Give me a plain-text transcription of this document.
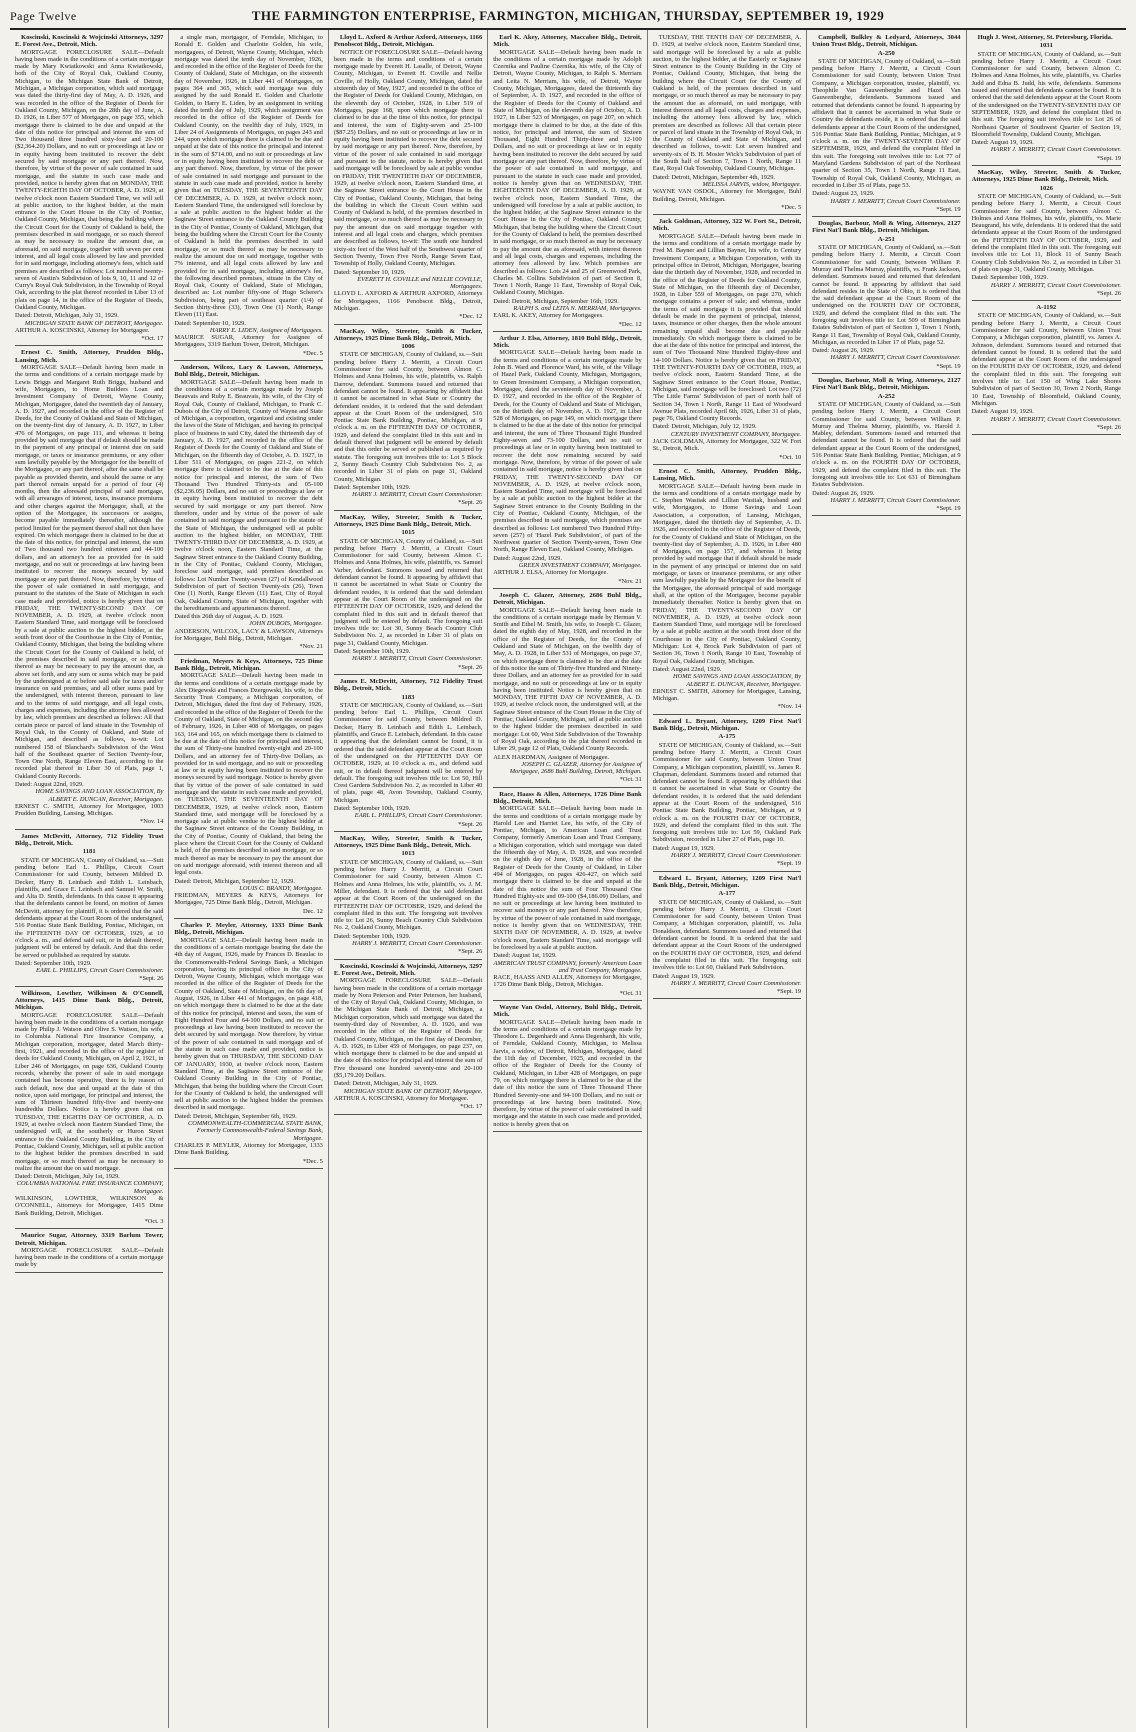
Page Twelve	THE FARMINGTON ENTERPRISE, FARMINGTON, MICHIGAN, THURSDAY, SEPTEMBER 19, 1929
Koscinski, Koscinski & Wojcinski Attorneys, 3297 E. Forest Ave., Detroit, Mich.
MORTGAGE FORECLOSURE SALE—Default having been made in the conditions of a certain mortgage made by Mary Kwiatkowski and Anna Kwiatkowski, both of the City of Royal Oak, Oakland County, Michigan, to the Michigan State Bank of Detroit, Michigan, a Michigan corporation, which said mortgage was dated the thirty-first day of May, A. D. 1926, and was recorded in the office of the Register of Deeds for Oakland County, Michigan, on the 28th day of June, A. D. 1926, in Liber 577 of Mortgages, on page 355, which mortgage there is claimed to be due and unpaid at the date of this notice for principal and interest the sum of Two thousand three hundred sixty-four and 20-100 ($2,364.20) Dollars, and no suit or proceedings at law or in equity having been instituted to recover the debt secured by said mortgage or any part thereof. Now, therefore, by virtue of the power of sale contained in said mortgage, and the statute in such case made and provided, notice is hereby given that on MONDAY, THE TWENTY-EIGHTH DAY OF OCTOBER, A. D. 1929, at twelve o'clock noon Eastern Standard Time, we will sell at public auction, to the highest bidder, at the main entrance to the Court House in the City of Pontiac, Oakland County, Michigan, that being the building where the Circuit Court for the County of Oakland is held, the premises described in said mortgage, or so much thereof as may be necessary to realize the amount due, as aforesaid, on said mortgage, together with seven per cent interest, and all legal costs allowed by law and provided for in said mortgage, including attorney's fees, which said premises are described as follows: Lot numbered twenty-seven of Austin's Subdivision of lots 9, 10, 11 and 12 of Curry's Royal Oak Subdivision, in the Township of Royal Oak, according to the plat thereof recorded in Liber 13 of plats on page 14, in the office of the Register of Deeds, Oakland County, Michigan.
Dated: Detroit, Michigan, July 31, 1929.
MICHIGAN STATE BANK OF DETROIT, Mortgagee.
ARTHUR A. KOSCINSKI, Attorney for Mortgagee.
*Oct. 17
Ernest C. Smith, Attorney, Prudden Bldg., Lansing, Mich.
MORTGAGE SALE—Default having been made in the terms and conditions of a certain mortgage made by Lewis Briggs and Margaret Ruth Briggs, husband and wife, Mortgagors, to Home Builders Loan and Investment Company of Detroit, Wayne County, Michigan, Mortgagee, dated the twentieth day of January, A. D. 1927, and recorded in the office of the Register of Deeds, for the County of Oakland and State of Michigan, on the twenty-first day of January, A. D. 1927, in Liber 476 of Mortgages, on page 111, and whereas it being provided by said mortgage that if default should be made in the payment of any principal or interest due on said mortgage, or taxes or insurance premiums, or any other sum lawfully payable by the Mortgagor for the benefit of the Mortgagee, or any part thereof, after the same shall be payable as provided therein, and should the same or any part thereof remain unpaid for a period of four (4) months, then the aforesaid principal of said mortgage, with all arrearages of interest, taxes, insurance premiums and other charges against the Mortgagor, shall, at the option of the Mortgagee, its successors or assigns, become payable immediately thereafter, although the period limited for the payment thereof shall not then have expired. On which mortgage there is claimed to be due at the date of this notice, for principal and interest, the sum of Two thousand two hundred nineteen and 44-100 dollars, and an attorney's fee as provided for in said mortgage, and no suit or proceedings at law having been instituted to recover the moneys secured by said mortgage or any part thereof. Now, therefore, by virtue of the power of sale contained in said mortgage, and pursuant to the statutes of the State of Michigan in such case made and provided, notice is hereby given that on FRIDAY, THE TWENTY-SECOND DAY OF NOVEMBER, A. D. 1929, at twelve o'clock noon Eastern Standard Time, said mortgage will be foreclosed by a sale at public auction to the highest bidder, at the south front door of the Courthouse in the City of Pontiac, Oakland County, Michigan, that being the building where the Circuit Court for the County of Oakland is held, of the premises described in said mortgage, or so much thereof as may be necessary to pay the amount due, as above set forth, and any sum or sums which may be paid by the undersigned at or before said sale for taxes and/or insurance on said premises, and all other sums paid by the undersigned, with interest thereon, pursuant to law and to the terms of said mortgage, and all legal costs, charges and expenses, including the attorney fees allowed by law, which premises are described as follows: All that certain piece or parcel of land situate in the Township of Royal Oak, in the County of Oakland, and State of Michigan, and described as follows, to-wit: Lot numbered 158 of Blanchard's Subdivision of the West half of the Southeast quarter of Section Twenty-four, Town One North, Range Eleven East, according to the recorded plat thereof in Liber 30 of Plats, page 1, Oakland County Records.
Dated: August 22nd, 1929.
HOME SAVINGS AND LOAN ASSOCIATION, By ALBERT E. DUNCAN, Receiver, Mortgagee.
ERNEST C. SMITH, Attorney for Mortgagee, 1003 Prudden Building, Lansing, Michigan.
*Nov. 14
James McDevitt, Attorney, 712 Fidelity Trust Bldg., Detroit, Mich.
1181
STATE OF MICHIGAN, County of Oakland, ss.—Suit pending before Earl L. Phillips, Circuit Court Commissioner for said County, between Mildred D. Decker, Harry B. Leinbach and Edith L. Leinbach, plaintiffs, and Grace E. Leinbach and Samuel W. Smith, and Alta D. Smith, defendants. In this cause it appearing that the defendants cannot be found, on motion of James McDevitt, attorney for plaintiff, it is ordered that the said defendants appear at the Court Room of the undersigned, 516 Pontiac State Bank Building, Pontiac, Michigan, on the FIFTEENTH DAY OF OCTOBER, 1929, at 10 o'clock a. m., and defend said suit, or in default thereof, judgment will be entered by default. And that this order be served or published as required by statute.
Dated: September 10th, 1929.
EARL L. PHILLIPS, Circuit Court Commissioner.
*Sept. 26
Wilkinson, Lowther, Wilkinson & O'Connell, Attorneys, 1415 Dime Bank Bldg., Detroit, Michigan.
MORTGAGE FORECLOSURE SALE—Default having been made in the conditions of a certain mortgage made by Philip J. Watson and Olive S. Watson, his wife, to Columbia National Fire Insurance Company, a Michigan corporation, mortgagee, dated March thirty-first, 1921, and recorded in the office of the register of deeds for Oakland County, Michigan, on April 2, 1921, in Liber 246 of Mortgages, on page 636, Oakland County records, whereby the power of sale in said mortgage contained has become operative, there is by reason of such default, now due and unpaid at the date of this notice, upon said mortgage, for principal and interest, the sum of Thirteen hundred fifty-five and twenty-one hundredths Dollars. Notice is hereby given that on TUESDAY, THE EIGHTH DAY OF OCTOBER, A. D. 1929, at twelve o'clock noon Eastern Standard Time, the undersigned will, at the southerly or Huron Street entrance to the Oakland County Building, in the City of Pontiac, Oakland County, Michigan, sell at public auction to the highest bidder the premises described in said mortgage, or so much thereof as may be necessary to realize the amount due on said mortgage.
Dated: Detroit, Michigan, July 1st, 1929.
COLUMBIA NATIONAL FIRE INSURANCE COMPANY, Mortgagee.
WILKINSON, LOWTHER, WILKINSON & O'CONNELL, Attorneys for Mortgagee, 1415 Dime Bank Building, Detroit, Michigan.
*Oct. 3
Maurice Sugar, Attorney, 3319 Barlum Tower, Detroit, Michigan.
MORTGAGE FORECLOSURE SALE—Default having been made in the conditions of a certain mortgage made by
a single man, mortgagor, of Ferndale, Michigan, to Ronald E. Golden and Charlotte Golden, his wife, mortgagees, of Detroit, Wayne County, Michigan, which mortgage was dated the tenth day of November, 1926, and recorded in the office of the Register of Deeds for the County of Oakland, State of Michigan, on the sixteenth day of November, 1926, in Liber 441 of Mortgages, on pages 364 and 365, which said mortgage was duly assigned by the said Ronald E. Golden and Charlotte Golden, to Harry E. Liden, by an assignment in writing dated the tenth day of July, 1929, which assignment was recorded in the office of the Register of Deeds for Oakland County, on the twelfth day of July, 1929, in Liber 24 of Assignments of Mortgages, on pages 243 and 244, upon which mortgage there is claimed to be due and unpaid at the date of this notice the principal and interest in the sum of $714.00, and no suit or proceedings at law or in equity having been instituted to recover the debt or any part thereof. Now, therefore, by virtue of the power of sale contained in said mortgage and pursuant to the statute in such case made and provided, notice is hereby given that on TUESDAY, THE SEVENTEENTH DAY OF DECEMBER, A. D. 1929, at twelve o'clock noon, Eastern Standard Time, the undersigned will foreclose by a sale at public auction to the highest bidder at the Saginaw Street entrance to the Oakland County Building in the City of Pontiac, County of Oakland, Michigan, that being the building where the Circuit Court for the County of Oakland is held the premises described in said mortgage, or so much thereof as may be necessary to realize the amount due on said mortgage, together with 7% interest, and all legal costs allowed by law and provided for in said mortgage, including attorney's fee, the following described premises, situate in the City of Royal Oak, County of Oakland, State of Michigan, described as: Lot number fifty-one of Hugo Scherer's Subdivision, being part of southeast quarter (1/4) of Section thirty-three (33), Town One (1) North, Range Eleven (11) East.
Dated: September 10, 1929.
HARRY E. LIDEN, Assignee of Mortgagees.
MAURICE SUGAR, Attorney for Assignee of Mortgagees, 3319 Barlum Tower, Detroit, Michigan.
*Dec. 5
Anderson, Wilcox, Lacy & Lawson, Attorneys, Buhl Bldg., Detroit, Michigan.
MORTGAGE SALE—Default having been made in the conditions of a certain mortgage made by Joseph Beauvais and Ruby E. Beauvais, his wife, of the City of Royal Oak, County of Oakland, Michigan, to Frank C. Dubois of the City of Detroit, County of Wayne and State of Michigan, a corporation, organized and existing under the laws of the State of Michigan, and having its principal place of business in said City, dated the thirteenth day of January, A. D. 1927, and recorded in the office of the Register of Deeds for the County of Oakland and State of Michigan, on the fifteenth day of October, A. D. 1927, in Liber 511 of Mortgages, on pages 221-2, on which mortgage there is claimed to be due at the date of this notice for principal and interest, the sum of Two Thousand Two Hundred Thirty-six and 05-100 ($2,236.05) Dollars, and no suit or proceedings at law or in equity having been instituted to recover the debt secured by said mortgage or any part thereof. Now therefore, under and by virtue of the power of sale contained in said mortgage and pursuant to the statute of the State of Michigan, the undersigned will at public auction to the highest bidder, on MONDAY, THE TWENTY-THIRD DAY OF DECEMBER, A. D. 1929, at twelve o'clock noon, Eastern Standard Time, at the Saginaw Street entrance to the Oakland County Building, in the City of Pontiac, Oakland County, Michigan, foreclose said mortgage, said premises described as follows: Lot Number Twenty-seven (27) of Kendallwood Subdivision of part of Section Twenty-six (26), Town One (1) North, Range Eleven (11) East, City of Royal Oak, Oakland County, State of Michigan, together with the hereditaments and appurtenances thereof.
Dated this 26th day of August, A. D. 1929.
JOHN DUBOIS, Mortgagee.
ANDERSON, WILCOX, LACY & LAWSON, Attorneys for Mortgagee, Buhl Bldg., Detroit, Michigan.
*Nov. 21
Friedman, Meyers & Keys, Attorneys, 725 Dime Bank Bldg., Detroit, Michigan.
MORTGAGE SALE—Default having been made in the terms and conditions of a certain mortgage made by Alex Diegewski and Frances Dzergowski, his wife, to the Security Trust Company, a Michigan corporation, of Detroit, Michigan, dated the first day of February, 1926, and recorded in the office of the Register of Deeds for the County of Oakland, State of Michigan, on the second day of February, 1926, in Liber 408 of Mortgages, on pages 163, 164 and 165, on which mortgage there is claimed to be due at the date of this notice for principal and interest, the sum of Thirty-one hundred twenty-eight and 20-100 Dollars, and an attorney fee of Thirty-five Dollars, as provided for in said mortgage, and no suit or proceeding at law or in equity having been instituted to recover the moneys secured by said mortgage. Notice is hereby given that by virtue of the power of sale contained in said mortgage and the statute in such case made and provided, on TUESDAY, THE SEVENTEENTH DAY OF DECEMBER, 1929, at twelve o'clock noon, Eastern Standard time, said mortgage will be foreclosed by a mortgage sale at public vendue to the highest bidder at the Saginaw Street entrance of the County Building, in the City of Pontiac, County of Oakland, that being the place where the Circuit Court for the County of Oakland is held, of the premises described in said mortgage, or so much thereof as may be necessary to pay the amount due on said mortgage aforesaid, with interest thereon and all legal costs.
Dated: Detroit, Michigan, September 12, 1929.
LOUIS C. BRANDY, Mortgagee.
FRIEDMAN, MEYERS & KEYS, Attorneys for Mortgagee, 725 Dime Bank Bldg., Detroit, Michigan.
Dec. 12
Charles P. Meyler, Attorney, 1333 Dime Bank Bldg., Detroit, Michigan.
MORTGAGE SALE—Default having been made in the conditions of a certain mortgage bearing the date the 4th day of August, 1926, made by Frances D. Beaulac to the Commonwealth-Federal Savings Bank, a Michigan corporation, having its principal office in the City of Detroit, Wayne County, Michigan, which mortgage was recorded in the office of the Register of Deeds for the County of Oakland, State of Michigan, on the 6th day of August, 1926, in Liber 441 of Mortgages, on page 418, on which mortgage there is claimed to be due at the date of this notice for principal, interest and taxes, the sum of Eight Hundred Four and 64-100 Dollars, and no suit or proceedings at law having been instituted to recover the debt secured by said mortgage. Now therefore, by virtue of the power of sale contained in said mortgage and of the statute in such case made and provided, notice is hereby given that on THURSDAY, THE SECOND DAY OF JANUARY, 1930, at twelve o'clock noon, Eastern Standard Time, at the Saginaw Street entrance of the Oakland County Building in the City of Pontiac, Michigan, that being the building where the Circuit Court for the County of Oakland is held, the undersigned will sell at public auction to the highest bidder the premises described in said mortgage.
Dated: Detroit, Michigan, September 6th, 1929.
COMMONWEALTH-COMMERCIAL STATE BANK, Formerly Commonwealth-Federal Savings Bank, Mortgagee.
CHARLES P. MEYLER, Attorney for Mortgagee, 1333 Dime Bank Building.
*Dec. 5
Lloyd L. Axford & Arthur Axford, Attorneys, 1166 Penobscot Bldg., Detroit, Michigan.
NOTICE OF FORECLOSURE SALE—Default having been made in the terms and conditions of a certain mortgage made by Everett H. Lasalle, of Detroit, Wayne County, Michigan, to Everett H. Coville and Nellie Coville, of Holly, Oakland County, Michigan, dated the sixteenth day of May, 1927, and recorded in the office of the Register of Deeds for Oakland County, Michigan, on the eleventh day of October, 1928, in Liber 519 of Mortgages, page 168, upon which mortgage there is claimed to be due at the time of this notice, for principal and interest, the sum of Eighty-seven and 25-100 ($87.25) Dollars, and no suit or proceedings at law or in equity having been instituted to recover the debt secured by said mortgage or any part thereof. Now, therefore, by virtue of the power of sale contained in said mortgage and pursuant to the statute, notice is hereby given that said mortgage will be foreclosed by sale at public vendue on FRIDAY, THE TWENTIETH DAY OF DECEMBER, 1929, at twelve o'clock noon, Eastern Standard time, at the Saginaw Street entrance to the Court House in the City of Pontiac, Oakland County, Michigan, that being the building in which the Circuit Court within said County of Oakland is held, of the premises described in said mortgage, or so much thereof as may be necessary to pay the amount due on said mortgage together with interest and all legal costs and charges, which premises are described as follows, to-wit: The south one hundred sixty-six feet of the West half of the Southwest quarter of Section Twenty, Town Five North, Range Seven East, Township of Holly, Oakland County, Michigan.
Dated: September 10, 1929.
EVERETT H. COVILLE and NELLIE COVILLE, Mortgagees.
LLOYD L. AXFORD & ARTHUR AXFORD, Attorneys for Mortgagees, 1166 Penobscot Bldg., Detroit, Michigan.
*Dec. 12
MacKay, Wiley, Streeter, Smith & Tucker, Attorneys, 1925 Dime Bank Bldg., Detroit, Mich.
1006
STATE OF MICHIGAN, County of Oakland, ss.—Suit pending before Harry J. Merritt, a Circuit Court Commissioner for said County, between Almon C. Holmes and Anna Holmes, his wife, plaintiffs, vs. Ralph Darrow, defendant. Summons issued and returned that defendant cannot be found. It appearing by affidavit that it cannot be ascertained in what State or Country the defendant resides, it is ordered that the said defendant appear at the Court Room of the undersigned, 516 Pontiac State Bank Building, Pontiac, Michigan, at 9 o'clock a. m. on the FIFTEENTH DAY OF OCTOBER, 1929, and defend the complaint filed in this suit and in default thereof that judgment will be entered by default and that this order be served or published as required by statute. The foregoing suit involves title to: Lot 5 Block 2, Sunny Beach Country Club Subdivision No. 2, as recorded in Liber 31 of plats on page 31, Oakland County, Michigan.
Dated: September 10th, 1929.
HARRY J. MERRITT, Circuit Court Commissioner.
*Sept. 26
MacKay, Wiley, Streeter, Smith & Tucker, Attorneys, 1925 Dime Bank Bldg., Detroit, Mich.
1015
STATE OF MICHIGAN, County of Oakland, ss.—Suit pending before Harry J. Merritt, a Circuit Court Commissioner for said County, between Almon C. Holmes and Anna Holmes, his wife, plaintiffs, vs. Samuel Varber, defendant. Summons issued and returned that defendant cannot be found. It appearing by affidavit that it cannot be ascertained in what State or Country the defendant resides, it is ordered that the said defendant appear at the Court Room of the undersigned on the FIFTEENTH DAY OF OCTOBER, 1929, and defend the complaint filed in this suit and in default thereof that judgment will be entered by default. The foregoing suit involves title to: Lot 30, Sunny Beach Country Club Subdivision No. 2, as recorded in Liber 31 of plats on page 31, Oakland County, Michigan.
Dated: September 10th, 1929.
HARRY J. MERRITT, Circuit Court Commissioner.
*Sept. 26
James E. McDevitt, Attorney, 712 Fidelity Trust Bldg., Detroit, Mich.
1183
STATE OF MICHIGAN, County of Oakland, ss.—Suit pending before Earl L. Phillips, Circuit Court Commissioner for said County, between Mildred D. Decker, Harry B. Leinbach and Edith L. Leinbach, plaintiffs, and Grace E. Leinbach, defendant. In this cause it appearing that the defendant cannot be found, it is ordered that the said defendant appear at the Court Room of the undersigned on the FIFTEENTH DAY OF OCTOBER, 1929, at 10 o'clock a. m., and defend said suit, or in default thereof judgment will be entered by default. The foregoing suit involves title to: Lot 50, Hill Crest Gardens Subdivision No. 2, as recorded in Liber 40 of plats, page 48, Avon Township, Oakland County, Michigan.
Dated: September 10th, 1929.
EARL L. PHILLIPS, Circuit Court Commissioner.
*Sept. 26
MacKay, Wiley, Streeter, Smith & Tucker, Attorneys, 1925 Dime Bank Bldg., Detroit, Mich.
1013
STATE OF MICHIGAN, County of Oakland, ss.—Suit pending before Harry J. Merritt, a Circuit Court Commissioner for said County, between Almon C. Holmes and Anna Holmes, his wife, plaintiffs, vs. J. M. Miller, defendant. It is ordered that the said defendant appear at the Court Room of the undersigned on the FIFTEENTH DAY OF OCTOBER, 1929, and defend the complaint filed in this suit. The foregoing suit involves title to: Lot 26, Sunny Beach Country Club Subdivision No. 2, Oakland County, Michigan.
Dated: September 10th, 1929.
HARRY J. MERRITT, Circuit Court Commissioner.
*Sept. 26
Koscinski, Koscinski & Wojcinski, Attorneys, 3297 E. Forest Ave., Detroit, Mich.
MORTGAGE FORECLOSURE SALE—Default having been made in the conditions of a certain mortgage made by Nora Peterson and Peter Peterson, her husband, of the City of Royal Oak, Oakland County, Michigan, to the Michigan State Bank of Detroit, Michigan, a Michigan corporation, which said mortgage was dated the twenty-third day of November, A. D. 1926, and was recorded in the office of the Register of Deeds for Oakland County, Michigan, on the first day of December, A. D. 1926, in Liber 459 of Mortgages, on page 237, on which mortgage there is claimed to be due and unpaid at the date of this notice for principal and interest the sum of Five thousand one hundred seventy-nine and 20-100 ($5,179.20) Dollars.
Dated: Detroit, Michigan, July 31, 1929.
MICHIGAN STATE BANK OF DETROIT, Mortgagee.
ARTHUR A. KOSCINSKI, Attorney for Mortgagee.
*Oct. 17
Earl K. Akey, Attorney, Maccabee Bldg., Detroit, Mich.
MORTGAGE SALE—Default having been made in the conditions of a certain mortgage made by Adolph Czernika and Pauline Czernika, his wife, of the City of Detroit, Wayne County, Michigan, to Ralph S. Merriam and Leita N. Merriam, his wife, of Detroit, Wayne County, Michigan, Mortgagees, dated the thirteenth day of September, A. D. 1927, and recorded in the office of the Register of Deeds for the County of Oakland and State of Michigan, on the eleventh day of October, A. D. 1927, in Liber 523 of Mortgages, on page 207, on which mortgage there is claimed to be due, at the date of this notice, for principal and interest, the sum of Sixteen Thousand, Eight Hundred Thirty-three and 12-100 Dollars, and no suit or proceedings at law or in equity having been instituted to recover the debt secured by said mortgage or any part thereof. Now, therefore, by virtue of the power of sale contained in said mortgage, and pursuant to the statute in such case made and provided, notice is hereby given that on WEDNESDAY, THE EIGHTEENTH DAY OF DECEMBER, A. D. 1929, at twelve o'clock noon, Eastern Standard Time, the undersigned will foreclose by a sale at public auction, to the highest bidder, at the Saginaw Street entrance to the Court House in the City of Pontiac, Oakland County, Michigan, that being the building where the Circuit Court for the County of Oakland is held, the premises described in said mortgage, or so much thereof as may be necessary to pay the amount due as aforesaid, with interest thereon and all legal costs, charges and expenses, including the attorney fees allowed by law. Which premises are described as follows: Lots 24 and 25 of Greenwood Park, Charles M. Collins Subdivision of part of Section 8, Town 1 North, Range 11 East, Township of Royal Oak, Oakland County, Michigan.
Dated: Detroit, Michigan, September 16th, 1929.
RALPH S. and LEITA N. MERRIAM, Mortgagees.
EARL K. AKEY, Attorney for Mortgagees.
*Dec. 12
Arthur J. Elsa, Attorney, 1810 Buhl Bldg., Detroit, Mich.
MORTGAGE SALE—Default having been made in the terms and conditions of a certain mortgage made by John B. Ward and Florence Ward, his wife, of the Village of Hazel Park, Oakland County, Michigan, Mortgagors, to Green Investment Company, a Michigan corporation, Mortgagee, dated the seventeenth day of November, A. D. 1927, and recorded in the office of the Register of Deeds, for the County of Oakland and State of Michigan, on the thirtieth day of November, A. D. 1927, in Liber 528 of Mortgages, on page 149, on which mortgage there is claimed to be due at the date of this notice for principal and interest, the sum of Three Thousand Eight Hundred Eighty-seven and 73-100 Dollars, and no suit or proceedings at law or in equity having been instituted to recover the debt now remaining secured by said mortgage. Now, therefore, by virtue of the power of sale contained in said mortgage, notice is hereby given that on FRIDAY, THE TWENTY-SECOND DAY OF NOVEMBER, A. D. 1929, at twelve o'clock noon, Eastern Standard Time, said mortgage will be foreclosed by a sale at public auction to the highest bidder at the Saginaw Street entrance to the County Building in the City of Pontiac, Oakland County, Michigan, of the premises described in said mortgage, which premises are described as follows: Lot numbered Two Hundred Fifty-seven (257) of 'Hazel Park Subdivision', of part of the Northwest quarter of Section Twenty-seven, Town One North, Range Eleven East, Oakland County, Michigan.
Dated: August 22nd, 1929.
GREEN INVESTMENT COMPANY, Mortgagee.
ARTHUR J. ELSA, Attorney for Mortgagee.
*Nov. 21
Joseph C. Glazer, Attorney, 2686 Buhl Bldg., Detroit, Michigan.
MORTGAGE SALE—Default having been made in the conditions of a certain mortgage made by Herman V. Smith and Ethel M. Smith, his wife, to Joseph C. Glazer, dated the eighth day of May, 1928, and recorded in the office of the Register of Deeds, for the County of Oakland and State of Michigan, on the twelfth day of May, A. D. 1928, in Liber 531 of Mortgages, on page 37, on which mortgage there is claimed to be due at the date of this notice the sum of Thirty-five Hundred and Ninety-three Dollars, and an attorney fee as provided for in said mortgage, and no suit or proceedings at law or in equity having been instituted. Notice is hereby given that on MONDAY, THE FIFTH DAY OF NOVEMBER, A. D. 1929, at twelve o'clock noon, the undersigned will, at the Saginaw Street entrance of the Court House in the City of Pontiac, Oakland County, Michigan, sell at public auction to the highest bidder the premises described in said mortgage: Lot 60, West Side Subdivision of the Township of Royal Oak, according to the plat thereof recorded in Liber 29, page 12 of Plats, Oakland County Records.
ALEX HARDMAN, Assignee of Mortgagee.
JOSEPH C. GLAZER, Attorney for Assignee of Mortgagee, 2686 Buhl Building, Detroit, Michigan.
*Oct. 31
Race, Haass & Allen, Attorneys, 1726 Dime Bank Bldg., Detroit, Mich.
MORTGAGE SALE—Default having been made in the terms and conditions of a certain mortgage made by Harold Lee and Harriet Lee, his wife, of the City of Pontiac, Michigan, to American Loan and Trust Company, formerly American Loan and Trust Company, a Michigan corporation, which said mortgage was dated the fifteenth day of May, A. D. 1928, and was recorded on the eighth day of June, 1928, in the office of the Register of Deeds for the County of Oakland, in Liber 494 of Mortgages, on pages 426-427, on which said mortgage there is claimed to be due and unpaid at the date of this notice the sum of Four Thousand One Hundred Eighty-six and 09-100 ($4,186.09) Dollars, and no suit or proceedings at law having been instituted to recover said moneys or any part thereof. Now therefore, by virtue of the power of sale contained in said mortgage, notice is hereby given that on WEDNESDAY, THE SIXTH DAY OF NOVEMBER, A. D. 1929, at twelve o'clock noon, Eastern Standard Time, said mortgage will be foreclosed by a sale at public auction.
Dated: August 1st, 1929.
AMERICAN TRUST COMPANY, formerly American Loan and Trust Company, Mortgagee.
RACE, HAASS AND ALLEN, Attorneys for Mortgagee, 1726 Dime Bank Bldg., Detroit, Michigan.
*Oct. 31
Wayne Van Osdol, Attorney, Buhl Bldg., Detroit, Mich.
MORTGAGE SALE—Default having been made in the terms and conditions of a certain mortgage made by Theodore L. Degenhardt and Anna Degenhardt, his wife, of Ferndale, Oakland County, Michigan, to Melissa Jarvis, a widow, of Detroit, Michigan, Mortgagee, dated the 11th day of December, 1925, and recorded in the office of the Register of Deeds for the County of Oakland, Michigan, in Liber 428 of Mortgages, on page 79, on which mortgage there is claimed to be due at the date of this notice the sum of Three Thousand Three Hundred Seventy-one and 94-100 Dollars, and no suit or proceedings at law having been instituted. Now, therefore, by virtue of the power of sale contained in said mortgage and the statute in such case made and provided, notice is hereby given that on
TUESDAY, THE TENTH DAY OF DECEMBER, A. D. 1929, at twelve o'clock noon, Eastern Standard time, said mortgage will be foreclosed by a sale at public auction, to the highest bidder, at the Easterly or Saginaw Street entrance to the County Building in the City of Pontiac, Oakland County, Michigan, that being the building where the Circuit Court for the County of Oakland is held, of the premises described in said mortgage, or so much thereof as may be necessary to pay the amount due as aforesaid, on said mortgage, with interest thereon and all legal costs, charges and expenses, including the attorney fees allowed by law, which premises are described as follows: All that certain piece or parcel of land situate in the Township of Royal Oak, in the County of Oakland and State of Michigan, and described as follows, to-wit: Lot seven hundred and seventy-six of B. H. Mosier Wick's Subdivision of part of the South half of Section 7, Town 1 North, Range 11 East, Royal Oak Township, Oakland County, Michigan.
Dated: Detroit, Michigan, September 4th, 1929.
MELISSA JARVIS, widow, Mortgagee.
WAYNE VAN OSDOL, Attorney for Mortgagee, Buhl Building, Detroit, Michigan.
*Dec. 5
Jack Goldman, Attorney, 322 W. Fort St., Detroit, Mich.
MORTGAGE SALE—Default having been made in the terms and conditions of a certain mortgage made by Fred M. Bayner and Lillian Bayner, his wife, to Century Investment Company, a Michigan Corporation, with its principal office in Detroit, Michigan, Mortgagee, bearing date the thirtieth day of November, 1928, and recorded in the office of the Register of Deeds for Oakland County, State of Michigan, on the fifteenth day of December, 1928, in Liber 559 of Mortgages, on page 270, which mortgage contains a power of sale; and whereas, under the terms of said mortgage it is provided that should default be made in the payment of principal, interest, taxes, insurance or other charges, then the whole amount remaining unpaid shall become due and payable immediately. On which mortgage there is claimed to be due at the date of this notice for principal and interest, the sum of Two Thousand Nine Hundred Eighty-three and 14-100 Dollars. Notice is hereby given that on FRIDAY, THE TWENTY-FOURTH DAY OF OCTOBER, 1929, at twelve o'clock noon, Eastern Standard Time, at the Saginaw Street entrance to the Court House, Pontiac, Michigan, said mortgage will be foreclosed: Lot two (72) 'The Little Farms' Subdivision of part of north half of Section 34, Town 1 North, Range 11 East of Woodward Avenue Plats, recorded April 6th, 1926, Liber 31 of plats, page 76, Oakland County Records.
Dated: Detroit, Michigan, July 12, 1929.
CENTURY INVESTMENT COMPANY, Mortgagee.
JACK GOLDMAN, Attorney for Mortgagee, 322 W. Fort St., Detroit, Mich.
*Oct. 10
Ernest C. Smith, Attorney, Prudden Bldg., Lansing, Mich.
MORTGAGE SALE—Default having been made in the terms and conditions of a certain mortgage made by C. Stephen Wasiiak and Lillian Wasiiak, husband and wife, Mortgagors, to Home Savings and Loan Association, a corporation, of Lansing, Michigan, Mortgagee, dated the thirtieth day of September, A. D. 1926, and recorded in the office of the Register of Deeds, for the County of Oakland and State of Michigan, on the twenty-first day of September, A. D. 1926, in Liber 480 of Mortgages, on page 157, and whereas it being provided by said mortgage that if default should be made in the payment of any principal or interest due on said mortgage, or taxes or insurance premiums, or any other sum lawfully payable by the Mortgagor for the benefit of the Mortgagee, the aforesaid principal of said mortgage shall, at the option of the Mortgagee, become payable immediately thereafter. Notice is hereby given that on FRIDAY, THE TWENTY-SECOND DAY OF NOVEMBER, A. D. 1929, at twelve o'clock noon Eastern Standard Time, said mortgage will be foreclosed by a sale at public auction at the south front door of the Courthouse in the City of Pontiac, Oakland County, Michigan: Lot 4, Brock Park Subdivision of part of Section 36, Town 1 North, Range 10 East, Township of Royal Oak, Oakland County, Michigan.
Dated: August 22nd, 1929.
HOME SAVINGS AND LOAN ASSOCIATION, By ALBERT E. DUNCAN, Receiver, Mortgagee.
ERNEST C. SMITH, Attorney for Mortgagee, Lansing, Michigan.
*Nov. 14
Edward L. Bryant, Attorney, 1209 First Nat'l Bank Bldg., Detroit, Michigan.
A-175
STATE OF MICHIGAN, County of Oakland, ss.—Suit pending before Harry J. Merritt, a Circuit Court Commissioner for said County, between Union Trust Company, a Michigan corporation, plaintiff, vs. James R. Chapman, defendant. Summons issued and returned that defendant cannot be found. It appearing by affidavit that it cannot be ascertained in what State or Country the defendant resides, it is ordered that the said defendant appear at the Court Room of the undersigned, 516 Pontiac State Bank Building, Pontiac, Michigan, at 9 o'clock a. m. on the FOURTH DAY OF OCTOBER, 1929, and defend the complaint filed in this suit. The foregoing suit involves title to: Lot 59, Oakland Park Subdivision, recorded in Liber 27 of Plats, page 10.
Dated: August 19, 1929.
HARRY J. MERRITT, Circuit Court Commissioner.
*Sept. 19
Edward L. Bryant, Attorney, 1209 First Nat'l Bank Bldg., Detroit, Michigan.
A-177
STATE OF MICHIGAN, County of Oakland, ss.—Suit pending before Harry J. Merritt, a Circuit Court Commissioner for said County, between Union Trust Company, a Michigan corporation, plaintiff, vs. Julia Donaldson, defendant. Summons issued and returned that defendant cannot be found. It is ordered that the said defendant appear at the Court Room of the undersigned on the FOURTH DAY OF OCTOBER, 1929, and defend the complaint filed in this suit. The foregoing suit involves title to: Lot 60, Oakland Park Subdivision.
Dated: August 19, 1929.
HARRY J. MERRITT, Circuit Court Commissioner.
*Sept. 19
Campbell, Bulkley & Ledyard, Attorneys, 3044 Union Trust Bldg., Detroit, Michigan.
A-250
STATE OF MICHIGAN, County of Oakland, ss.—Suit pending before Harry J. Merritt, a Circuit Court Commissioner for said County, between Union Trust Company, a Michigan corporation, trustee, plaintiff, vs. Theophile Van Gauwenberghe and Hazel Van Gauwenberghe, defendants. Summons issued and returned that defendants cannot be found. It appearing by affidavit that it cannot be ascertained in what State or Country the defendants reside, it is ordered that the said defendants appear at the Court Room of the undersigned, 516 Pontiac State Bank Building, Pontiac, Michigan, at 9 o'clock a. m. on the TWENTY-SEVENTH DAY OF SEPTEMBER, 1929, and defend the complaint filed in this suit. The foregoing suit involves title to: Lot 77 of Maryland Gardens Subdivision of part of the Northeast quarter of Section 35, Town 1 North, Range 11 East, Township of Royal Oak, Oakland County, Michigan, as recorded in Liber 35 of Plats, page 53.
Dated: August 23, 1929.
HARRY J. MERRITT, Circuit Court Commissioner.
*Sept. 19
Douglas, Barbour, Moll & Wing, Attorneys, 2127 First Nat'l Bank Bldg., Detroit, Michigan.
A-251
STATE OF MICHIGAN, County of Oakland, ss.—Suit pending before Harry J. Merritt, a Circuit Court Commissioner for said County, between William P. Murray and Thelma Murray, plaintiffs, vs. Frank Jackson, defendant. Summons issued and returned that defendant cannot be found. It appearing by affidavit that said defendant resides in the State of Ohio, it is ordered that the said defendant appear at the Court Room of the undersigned on the FOURTH DAY OF OCTOBER, 1929, and defend the complaint filed in this suit. The foregoing suit involves title to: Lot 509 of Birmingham Estates Subdivision of part of Section 1, Town 1 North, Range 11 East, Township of Royal Oak, Oakland County, Michigan, as recorded in Liber 17 of Plats, page 52.
Dated: August 26, 1929.
HARRY J. MERRITT, Circuit Court Commissioner.
*Sept. 19
Douglas, Barbour, Moll & Wing, Attorneys, 2127 First Nat'l Bank Bldg., Detroit, Michigan.
A-252
STATE OF MICHIGAN, County of Oakland, ss.—Suit pending before Harry J. Merritt, a Circuit Court Commissioner for said County, between William P. Murray and Thelma Murray, plaintiffs, vs. Harold J. Mabley, defendant. Summons issued and returned that defendant cannot be found. It is ordered that the said defendant appear at the Court Room of the undersigned, 516 Pontiac State Bank Building, Pontiac, Michigan, at 9 o'clock a. m. on the FOURTH DAY OF OCTOBER, 1929, and defend the complaint filed in this suit. The foregoing suit involves title to: Lot 631 of Birmingham Estates Subdivision.
Dated: August 26, 1929.
HARRY J. MERRITT, Circuit Court Commissioner.
*Sept. 19
Hugh J. West, Attorney, St. Petersburg, Florida.
1031
STATE OF MICHIGAN, County of Oakland, ss.—Suit pending before Harry J. Merritt, a Circuit Court Commissioner for said County, between Almon C. Holmes and Anna Holmes, his wife, plaintiffs, vs. Charles Judd and Edna B. Judd, his wife, defendants. Summons issued and returned that defendants cannot be found. It is ordered that the said defendants appear at the Court Room of the undersigned on the TWENTY-SEVENTH DAY OF SEPTEMBER, 1929, and defend the complaint filed in this suit. The foregoing suit involves title to: Lot 26 of Northeast Quarter of Southwest Quarter of Section 19, Bloomfield Township, Oakland County, Michigan.
Dated: August 19, 1929.
HARRY J. MERRITT, Circuit Court Commissioner.
*Sept. 19
MacKay, Wiley, Streeter, Smith & Tucker, Attorneys, 1925 Dime Bank Bldg., Detroit, Mich.
1026
STATE OF MICHIGAN, County of Oakland, ss.—Suit pending before Harry J. Merritt, a Circuit Court Commissioner for said County, between Almon C. Holmes and Anna Holmes, his wife, plaintiffs, vs. Marie Beaugrand, his wife, defendants. It is ordered that the said defendants appear at the Court Room of the undersigned on the FIFTEENTH DAY OF OCTOBER, 1929, and defend the complaint filed in this suit. The foregoing suit involves title to: Lot 11, Block 11 of Sunny Beach Country Club Subdivision No. 2, as recorded in Liber 31 of plats on page 31, Oakland County, Michigan.
Dated: September 10th, 1929.
HARRY J. MERRITT, Circuit Court Commissioner.
*Sept. 26
A-1192
STATE OF MICHIGAN, County of Oakland, ss.—Suit pending before Harry J. Merritt, a Circuit Court Commissioner for said County, between Union Trust Company, a Michigan corporation, plaintiff, vs. James A. Johnson, defendant. Summons issued and returned that defendant cannot be found. It is ordered that the said defendant appear at the Court Room of the undersigned on the FOURTH DAY OF OCTOBER, 1929, and defend the complaint filed in this suit. The foregoing suit involves title to: Lot 150 of Wing Lake Shores Subdivision of part of Section 30, Town 2 North, Range 10 East, Township of Bloomfield, Oakland County, Michigan.
Dated: August 19, 1929.
HARRY J. MERRITT, Circuit Court Commissioner.
*Sept. 26
